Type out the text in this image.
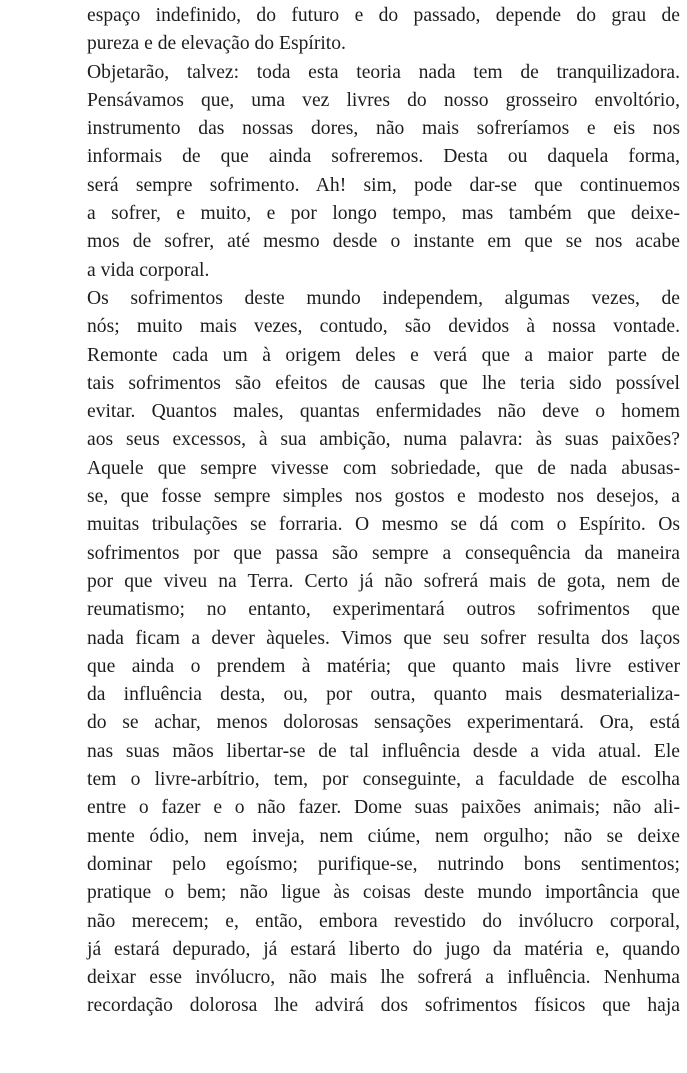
espaço indefinido, do futuro e do passado, depende do grau de
pureza e de elevação do Espírito.
Objetarão, talvez: toda esta teoria nada tem de tranquilizadora.
Pensávamos que, uma vez livres do nosso grosseiro envoltório,
instrumento das nossas dores, não mais sofreríamos e eis nos
informais de que ainda sofreremos. Desta ou daquela forma,
será sempre sofrimento. Ah! sim, pode dar-se que continuemos
a sofrer, e muito, e por longo tempo, mas também que deixe-
mos de sofrer, até mesmo desde o instante em que se nos acabe
a vida corporal.
Os sofrimentos deste mundo independem, algumas vezes, de
nós; muito mais vezes, contudo, são devidos à nossa vontade.
Remonte cada um à origem deles e verá que a maior parte de
tais sofrimentos são efeitos de causas que lhe teria sido possível
evitar. Quantos males, quantas enfermidades não deve o homem
aos seus excessos, à sua ambição, numa palavra: às suas paixões?
Aquele que sempre vivesse com sobriedade, que de nada abusas-
se, que fosse sempre simples nos gostos e modesto nos desejos, a
muitas tribulações se forraria. O mesmo se dá com o Espírito. Os
sofrimentos por que passa são sempre a consequência da maneira
por que viveu na Terra. Certo já não sofrerá mais de gota, nem de
reumatismo; no entanto, experimentará outros sofrimentos que
nada ficam a dever àqueles. Vimos que seu sofrer resulta dos laços
que ainda o prendem à matéria; que quanto mais livre estiver
da influência desta, ou, por outra, quanto mais desmaterializa-
do se achar, menos dolorosas sensações experimentará. Ora, está
nas suas mãos libertar-se de tal influência desde a vida atual. Ele
tem o livre-arbítrio, tem, por conseguinte, a faculdade de escolha
entre o fazer e o não fazer. Dome suas paixões animais; não ali-
mente ódio, nem inveja, nem ciúme, nem orgulho; não se deixe
dominar pelo egoísmo; purifique-se, nutrindo bons sentimentos;
pratique o bem; não ligue às coisas deste mundo importância que
não merecem; e, então, embora revestido do invólucro corporal,
já estará depurado, já estará liberto do jugo da matéria e, quando
deixar esse invólucro, não mais lhe sofrerá a influência. Nenhuma
recordação dolorosa lhe advirá dos sofrimentos físicos que haja
